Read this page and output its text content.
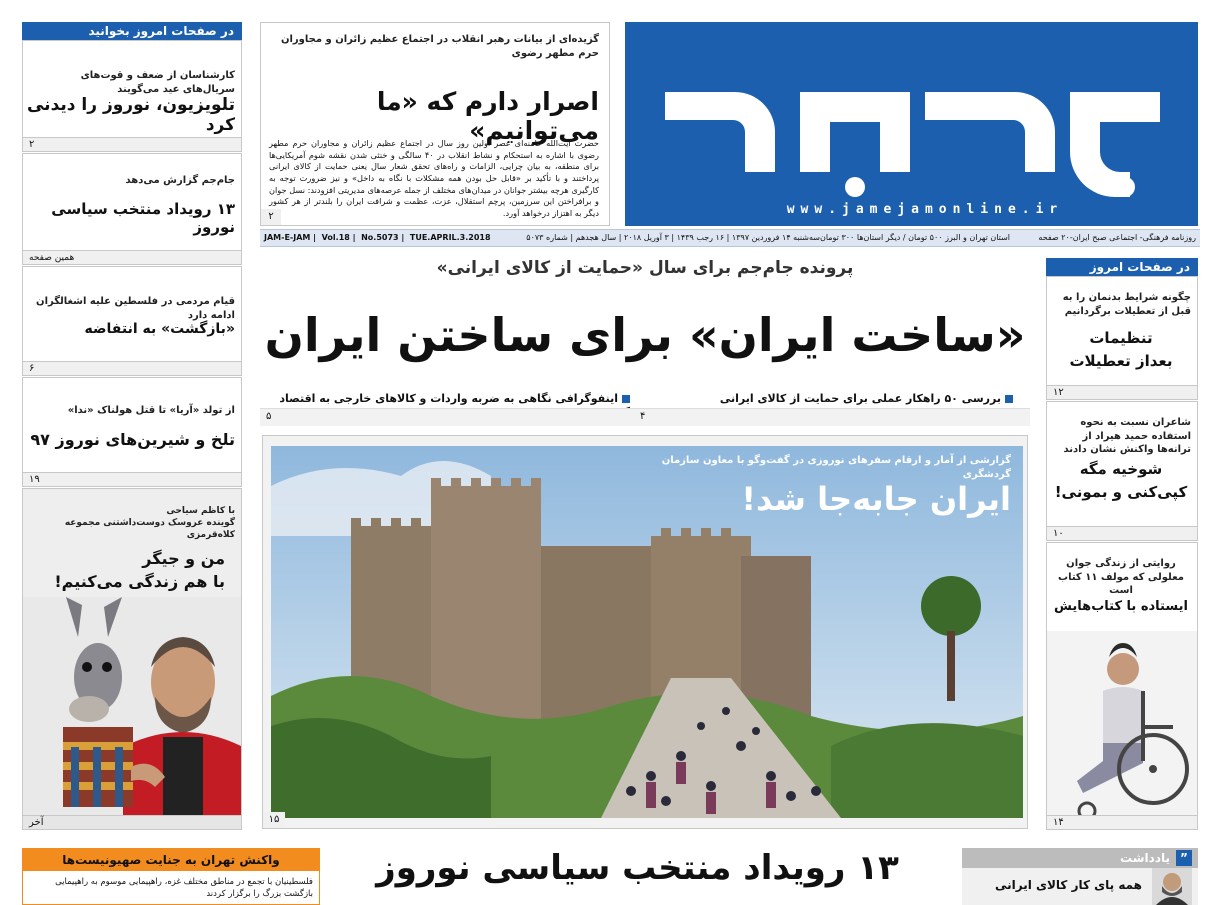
www.jamejamonline.ir
روزنامه فرهنگی- اجتماعی صبح ایران-۲۰ صفحه
استان تهران و البرز ۵۰۰ تومان / دیگر استان‌ها ۳۰۰ تومان
سه‌شنبه ۱۴ فروردین ۱۳۹۷ | ۱۶ رجب ۱۴۳۹ | ۳ آوریل ۲۰۱۸ | سال هجدهم | شماره ۵۰۷۳
JAM-E-JAM |  Vol.18 |  No.5073 |  TUE.APRIL.3.2018
گزیده‌ای از بیانات رهبر انقلاب در اجتماع عظیم زائران و مجاوران حرم مطهر رضوی
اصرار دارم که «ما می‌توانیم»
حضرت آیت‌الله خامنه‌ای عصر اولین روز سال در اجتماع عظیم زائران و مجاوران حرم مطهر رضوی با اشاره به استحکام و نشاط انقلاب در ۴۰ سالگی و خنثی شدن نقشه شوم آمریکایی‌ها برای منطقه، به بیان چرایی، الزامات و راه‌های تحقق شعار سال یعنی حمایت از کالای ایرانی پرداختند و با تأکید بر «قابل حل بودن همه مشکلات با نگاه به داخل» و نیز ضرورت توجه به کارگیری هرچه بیشتر جوانان در میدان‌های مختلف از جمله عرصه‌های مدیریتی افزودند: نسل جوان و برافراختن این سرزمین، پرچم استقلال، عزت، عظمت و شرافت ایران را بلندتر از هر کشور دیگر به اهتزاز درخواهد آورد.
۲
در صفحات امروز بخوانید
کارشناسان از ضعف و قوت‌های سریال‌های عید می‌گویند
تلویزیون، نوروز را دیدنی کرد
۲
جام‌جم گزارش می‌دهد
۱۳ رویداد منتخب سیاسی نوروز
همین صفحه
قیام مردمی در فلسطین علیه اشغالگران ادامه دارد
«بازگشت» به انتفاضه
۶
از تولد «آریا» تا قتل هولناک «ندا»
تلخ و شیرین‌های نوروز ۹۷
۱۹
با کاظم سیاحی
گوینده عروسک دوست‌داشتنی مجموعه کلاه‌قرمزی
من و جیگر
با هم زندگی می‌کنیم!
آخر
پرونده جام‌جم برای سال «حمایت از کالای ایرانی»
«ساخت ایران» برای ساختن ایران
بررسی ۵۰ راهکار عملی برای حمایت از کالای ایرانی
اینفوگرافی نگاهی به ضربه واردات و کالاهای خارجی به اقتصاد
۴
۵
گزارشی از آمار و ارقام سفرهای نوروزی در گفت‌وگو با معاون سازمان گردشگری
ایران جابه‌جا شد!
۱۵
در صفحات امروز
چگونه شرایط بدنمان را به قبل از تعطیلات برگردانیم
تنظیمات
بعداز تعطیلات
۱۲
شاعران نسبت به نحوه استفاده حمید هیراد از ترانه‌ها واکنش نشان دادند
شوخیه مگه
کپی‌کنی و بمونی!
۱۰
روایتی از زندگی جوان معلولی که مولف ۱۱ کتاب است
ایستاده با کتاب‌هایش
۱۴
واکنش تهران به جنایت صهیونیست‌ها
فلسطینیان با تجمع در مناطق مختلف غزه، راهپیمایی موسوم به راهپیمایی بازگشت بزرگ را برگزار کردند
۱۳ رویداد منتخب سیاسی نوروز	”
یادداشت
همه پای کار کالای ایرانی
